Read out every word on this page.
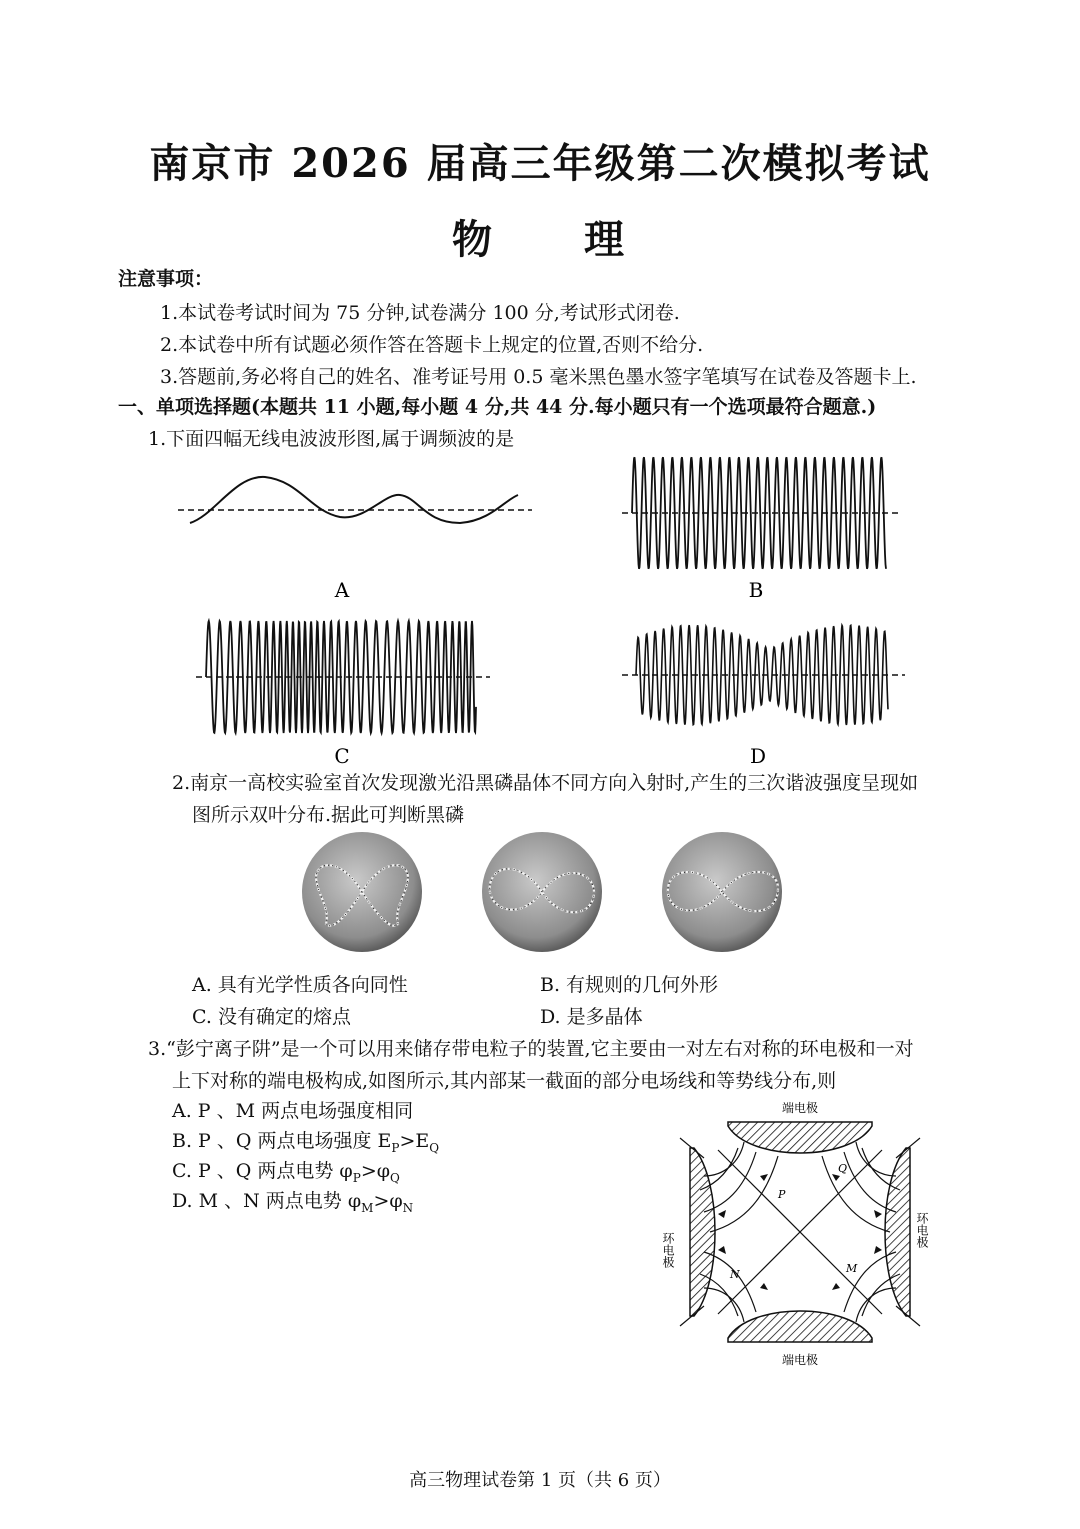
南京市 2026 届高三年级第二次模拟考试
物　　理
注意事项：
1.本试卷考试时间为 75 分钟,试卷满分 100 分,考试形式闭卷.
2.本试卷中所有试题必须作答在答题卡上规定的位置,否则不给分.
3.答题前,务必将自己的姓名、准考证号用 0.5 毫米黑色墨水签字笔填写在试卷及答题卡上.
一、单项选择题(本题共 11 小题,每小题 4 分,共 44 分.每小题只有一个选项最符合题意.)
1.下面四幅无线电波波形图,属于调频波的是
A	B
C	D
2.南京一高校实验室首次发现激光沿黑磷晶体不同方向入射时,产生的三次谐波强度呈现如
图所示双叶分布.据此可判断黑磷
A. 具有光学性质各向同性	B. 有规则的几何外形
C. 没有确定的熔点	D. 是多晶体
3.“彭宁离子阱”是一个可以用来储存带电粒子的装置,它主要由一对左右对称的环电极和一对
上下对称的端电极构成,如图所示,其内部某一截面的部分电场线和等势线分布,则
A. P 、M 两点电场强度相同
B. P 、Q 两点电场强度 $E_P>E_Q$
C. P 、Q 两点电势 $\varphi_P>\varphi_Q$
D. M 、N 两点电势 $\varphi_M>\varphi_N$
端电极
端电极
环电极
环电极
P
Q
M
N
高三物理试卷第 1 页（共 6 页）
